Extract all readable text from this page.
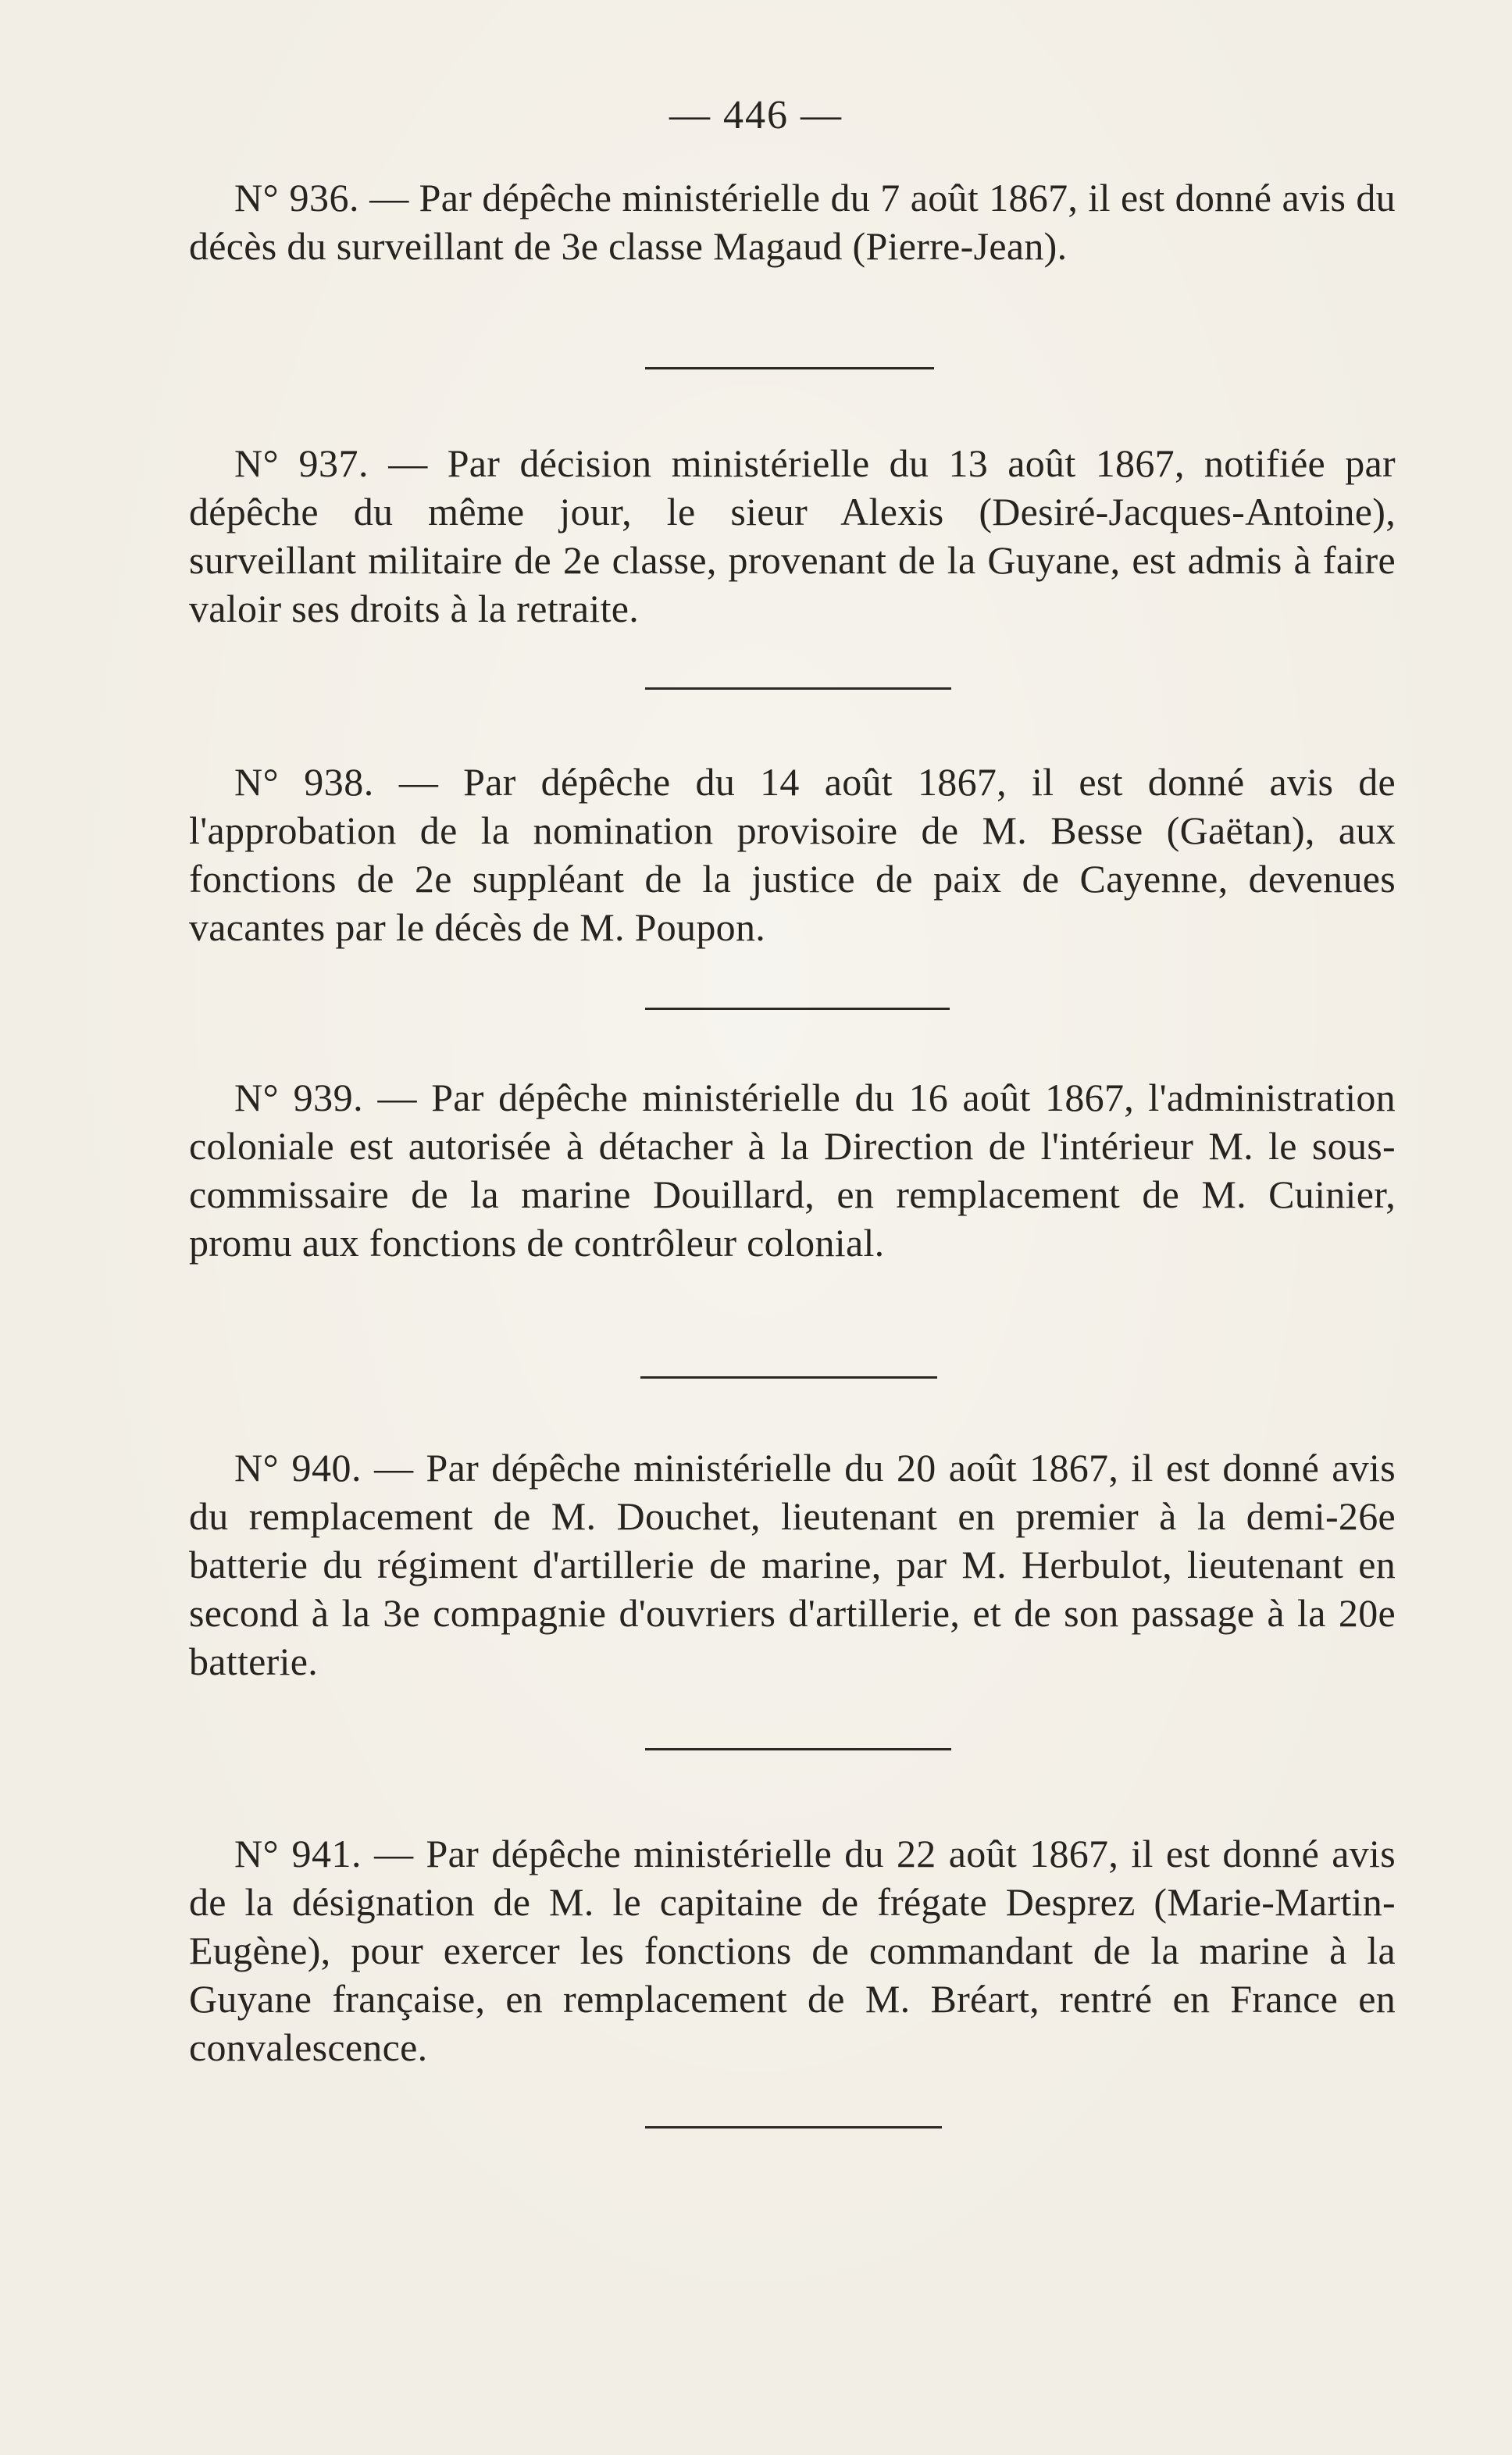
— 446 —

N° 936. — Par dépêche ministérielle du 7 août 1867, il est donné avis du décès du surveillant de 3e classe Magaud (Pierre-Jean).

N° 937. — Par décision ministérielle du 13 août 1867, notifiée par dépêche du même jour, le sieur Alexis (Desiré-Jacques-Antoine), surveillant militaire de 2e classe, provenant de la Guyane, est admis à faire valoir ses droits à la retraite.

N° 938. — Par dépêche du 14 août 1867, il est donné avis de l'approbation de la nomination provisoire de M. Besse (Gaëtan), aux fonctions de 2e suppléant de la justice de paix de Cayenne, devenues vacantes par le décès de M. Poupon.

N° 939. — Par dépêche ministérielle du 16 août 1867, l'administration coloniale est autorisée à détacher à la Direction de l'intérieur M. le sous-commissaire de la marine Douillard, en remplacement de M. Cuinier, promu aux fonctions de contrôleur colonial.

N° 940. — Par dépêche ministérielle du 20 août 1867, il est donné avis du remplacement de M. Douchet, lieutenant en premier à la demi-26e batterie du régiment d'artillerie de marine, par M. Herbulot, lieutenant en second à la 3e compagnie d'ouvriers d'artillerie, et de son passage à la 20e batterie.

N° 941. — Par dépêche ministérielle du 22 août 1867, il est donné avis de la désignation de M. le capitaine de frégate Desprez (Marie-Martin-Eugène), pour exercer les fonctions de commandant de la marine à la Guyane française, en remplacement de M. Bréart, rentré en France en convalescence.
